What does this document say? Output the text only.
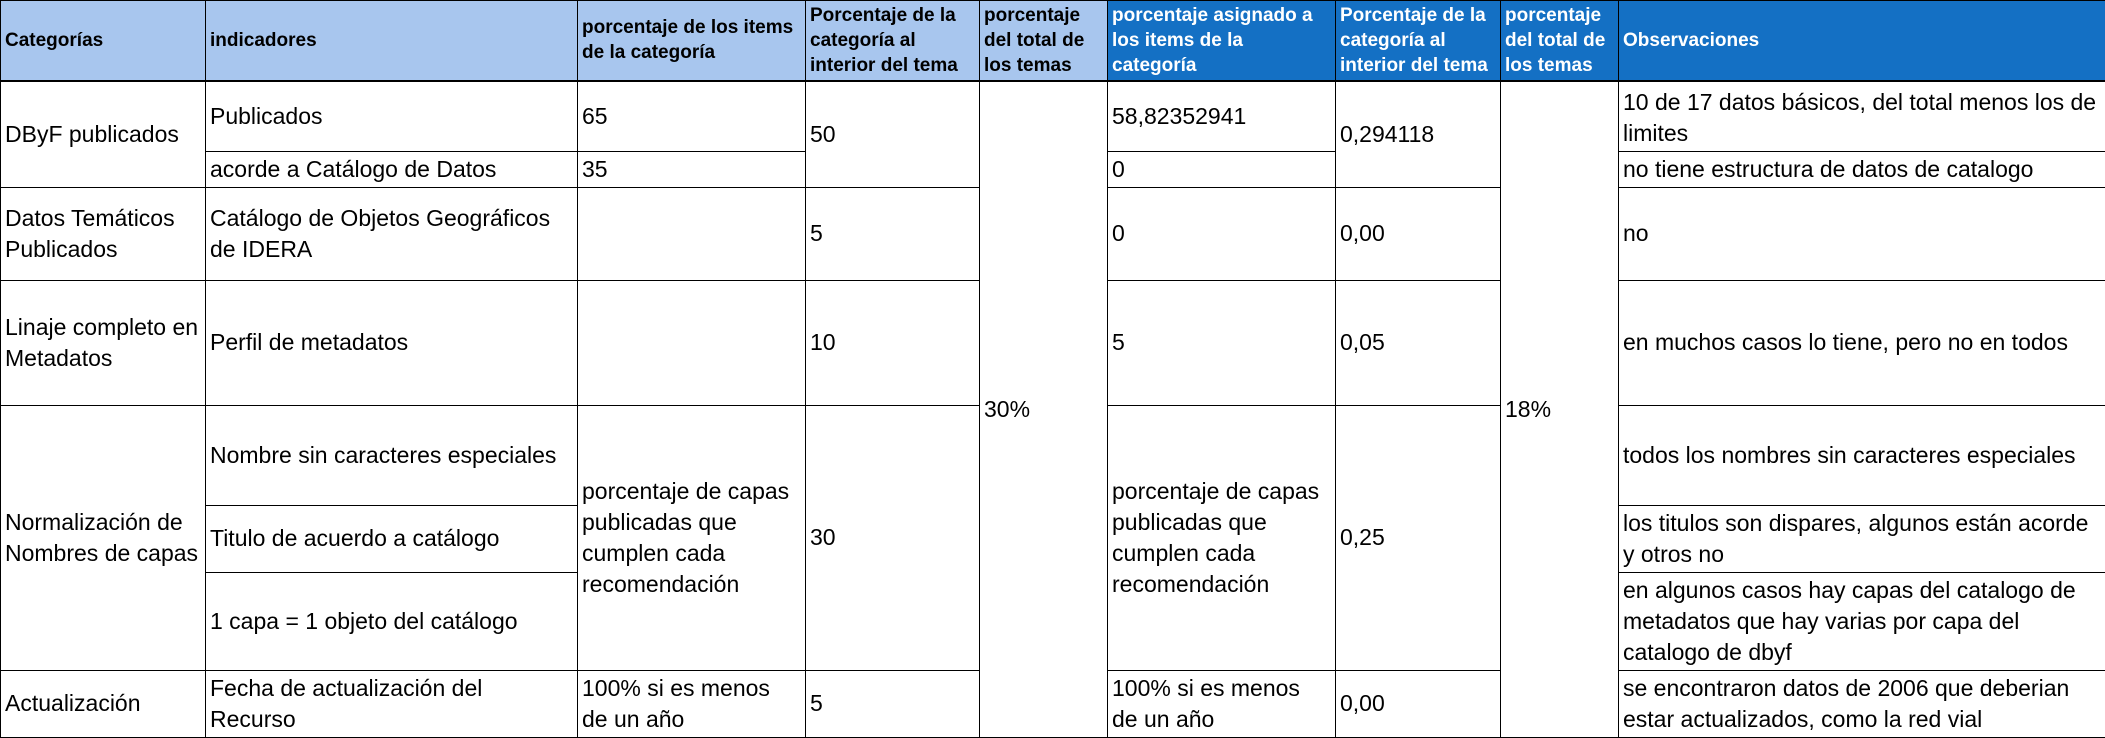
Categorías	indicadores	porcentaje de los items de la categoría	Porcentaje de la categoría al interior del tema	porcentaje del total de los temas	porcentaje asignado a los items de la categoría	Porcentaje de la categoría al interior del tema	porcentaje del total de los temas	Observaciones
DByF publicados	Publicados	65	50	30%	58,82352941	0,294118	18%	10 de 17 datos básicos, del total menos los de limites
	acorde a Catálogo de Datos	35			0			no tiene estructura de datos de catalogo
Datos Temáticos Publicados	Catálogo de Objetos Geográficos de IDERA		5		0	0,00		no
Linaje completo en Metadatos	Perfil de metadatos		10		5	0,05		en muchos casos lo tiene, pero no en todos
Normalización de Nombres de capas	Nombre sin caracteres especiales	porcentaje de capas publicadas que cumplen cada recomendación	30		porcentaje de capas publicadas que cumplen cada recomendación	0,25		todos los nombres sin caracteres especiales
	Titulo de acuerdo a catálogo							los titulos son dispares, algunos están acorde y otros no
	1 capa = 1 objeto del catálogo							en algunos casos hay capas del catalogo de metadatos que hay varias por capa del catalogo de dbyf
Actualización	Fecha de actualización del Recurso	100% si es menos de un año	5		100% si es menos de un año	0,00		se encontraron datos de 2006 que deberian estar actualizados, como la red vial
